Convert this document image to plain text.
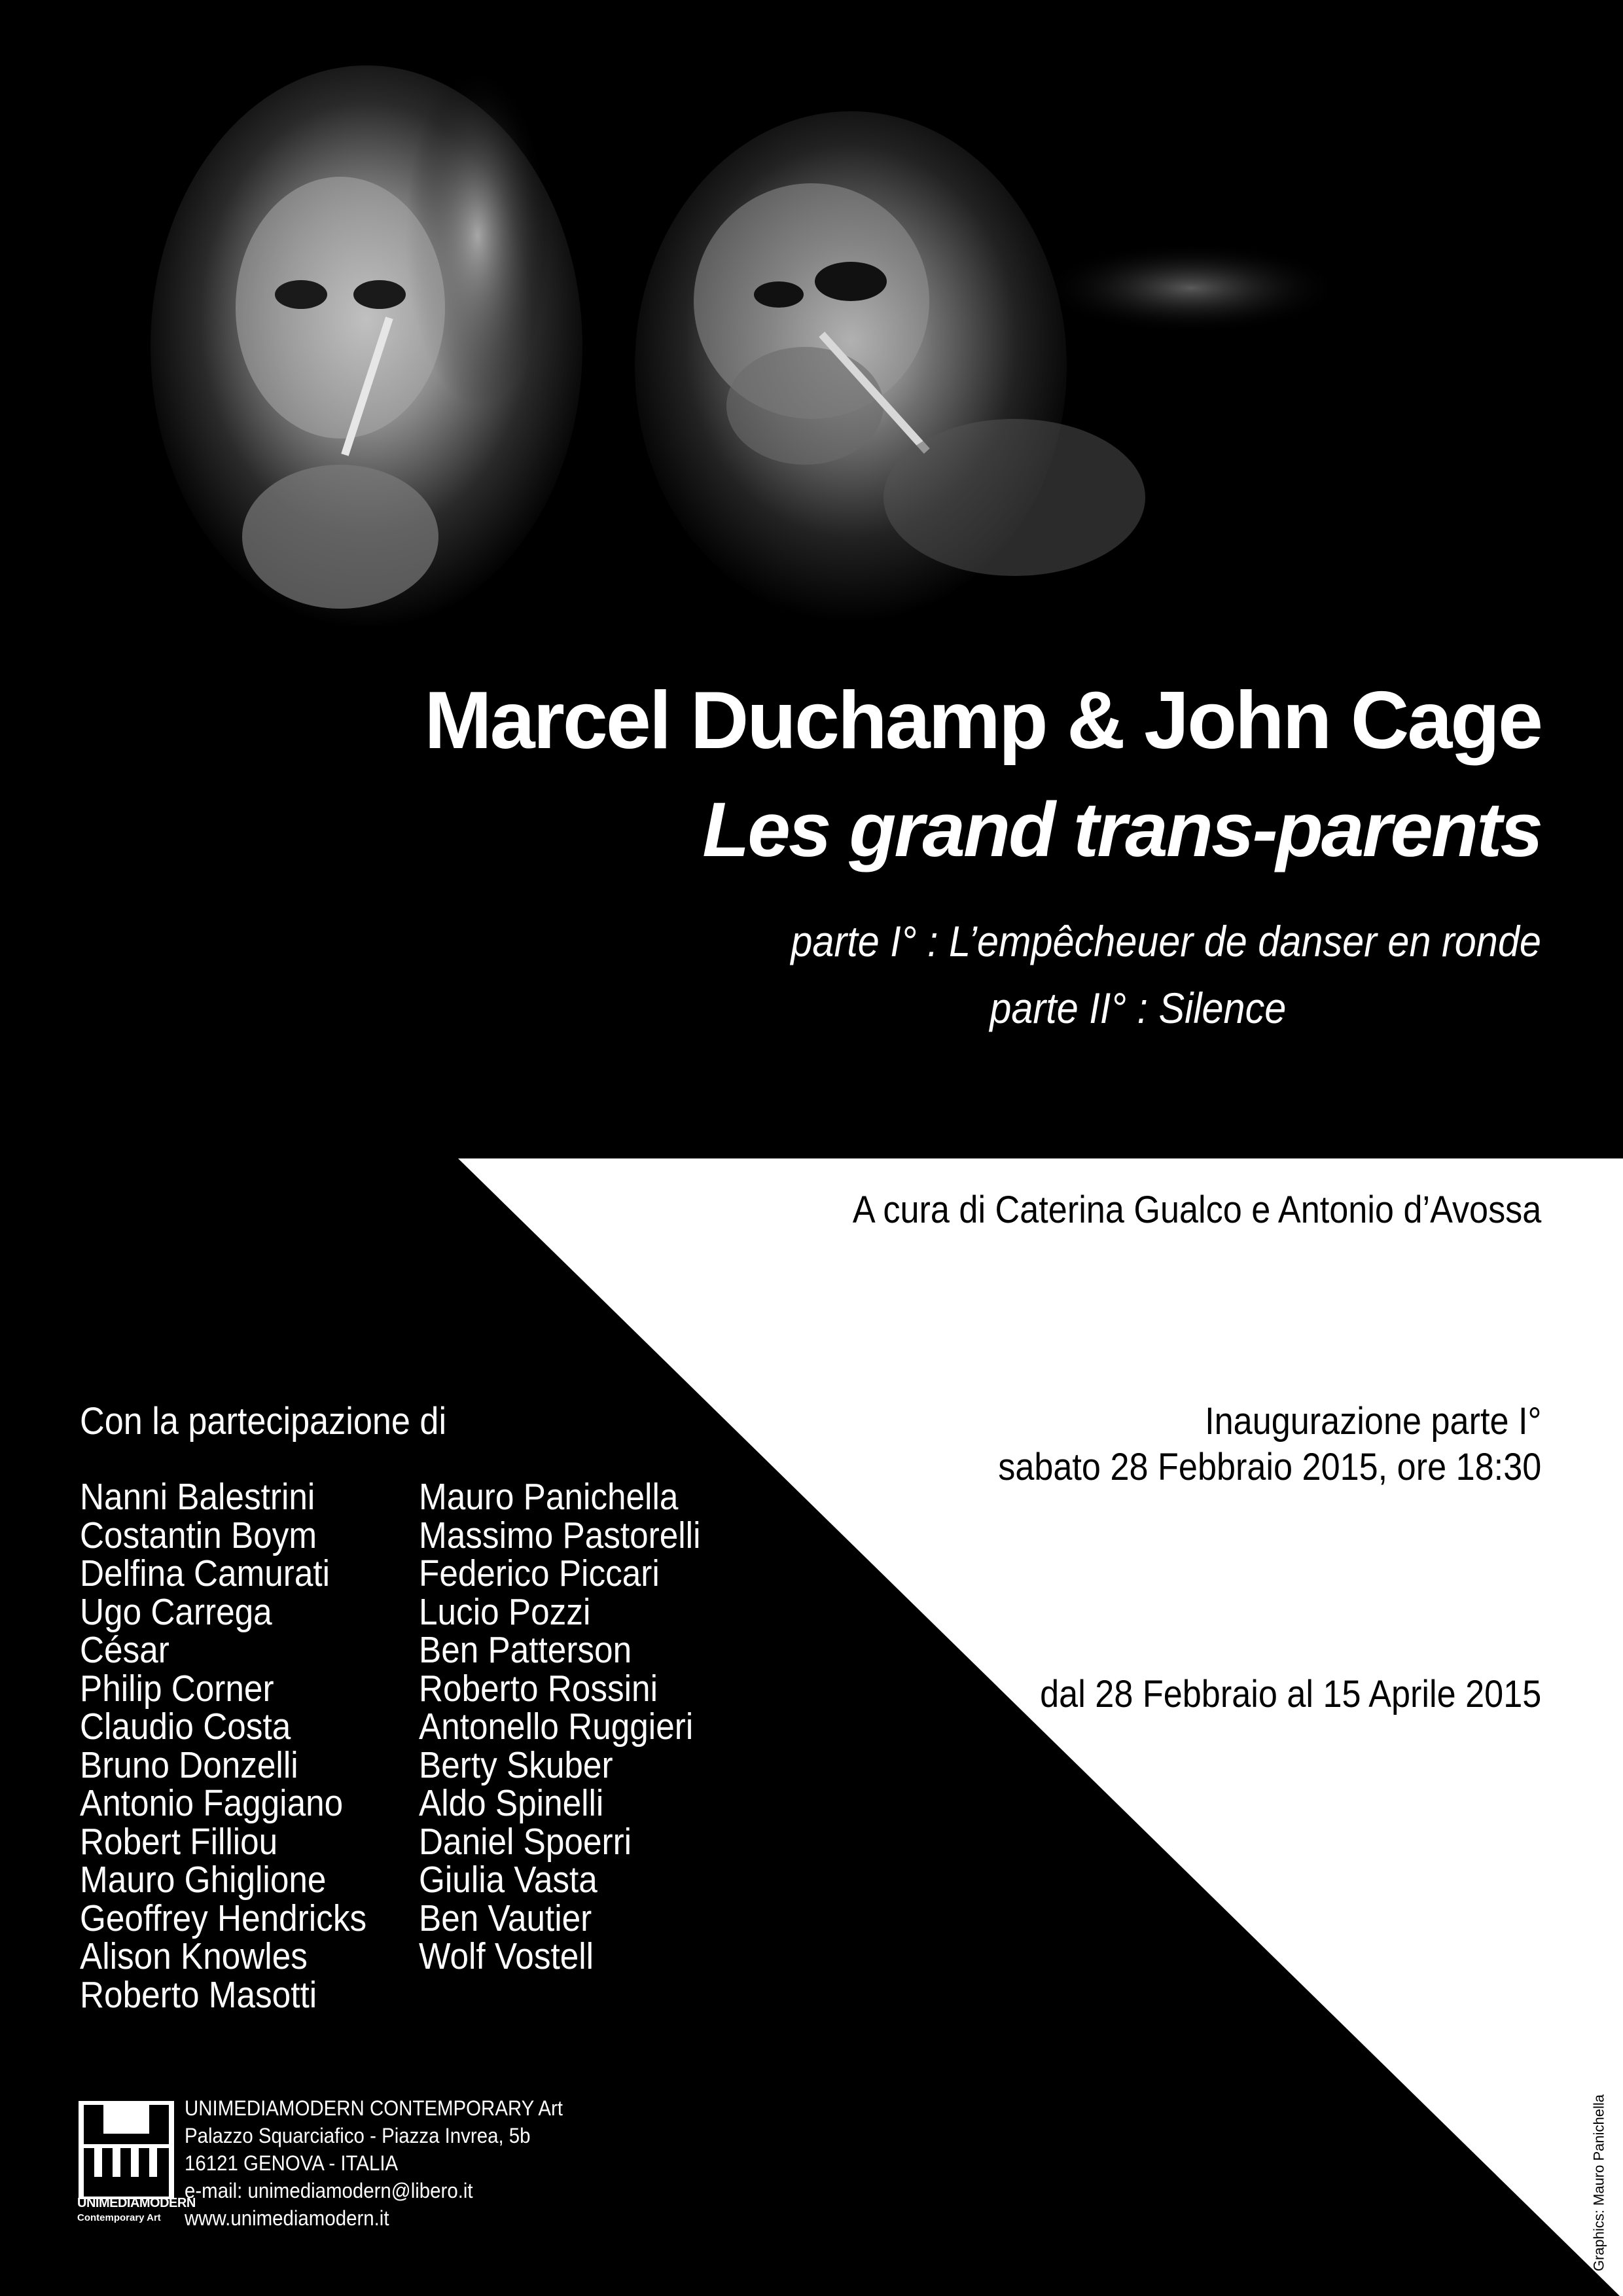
Marcel Duchamp & John Cage
Les grand trans-parents
parte I° : L’empêcheuer de danser en ronde
parte II° : Silence
A cura di Caterina Gualco e Antonio d’Avossa
Con la partecipazione di
Nanni Balestrini
Costantin Boym
Delfina Camurati
Ugo Carrega
César
Philip Corner
Claudio Costa
Bruno Donzelli
Antonio Faggiano
Robert Filliou
Mauro Ghiglione
Geoffrey Hendricks
Alison Knowles
Roberto Masotti
Mauro Panichella
Massimo Pastorelli
Federico Piccari
Lucio Pozzi
Ben Patterson
Roberto Rossini
Antonello Ruggieri
Berty Skuber
Aldo Spinelli
Daniel Spoerri
Giulia Vasta
Ben Vautier
Wolf Vostell
Inaugurazione parte I°
sabato 28 Febbraio 2015, ore 18:30
dal 28 Febbraio al 15 Aprile 2015
UNIMEDIAMODERN
Contemporary Art
UNIMEDIAMODERN CONTEMPORARY Art
Palazzo Squarciafico - Piazza Invrea, 5b
16121 GENOVA - ITALIA
e-mail: unimediamodern@libero.it
www.unimediamodern.it	Graphics: Mauro Panichella
